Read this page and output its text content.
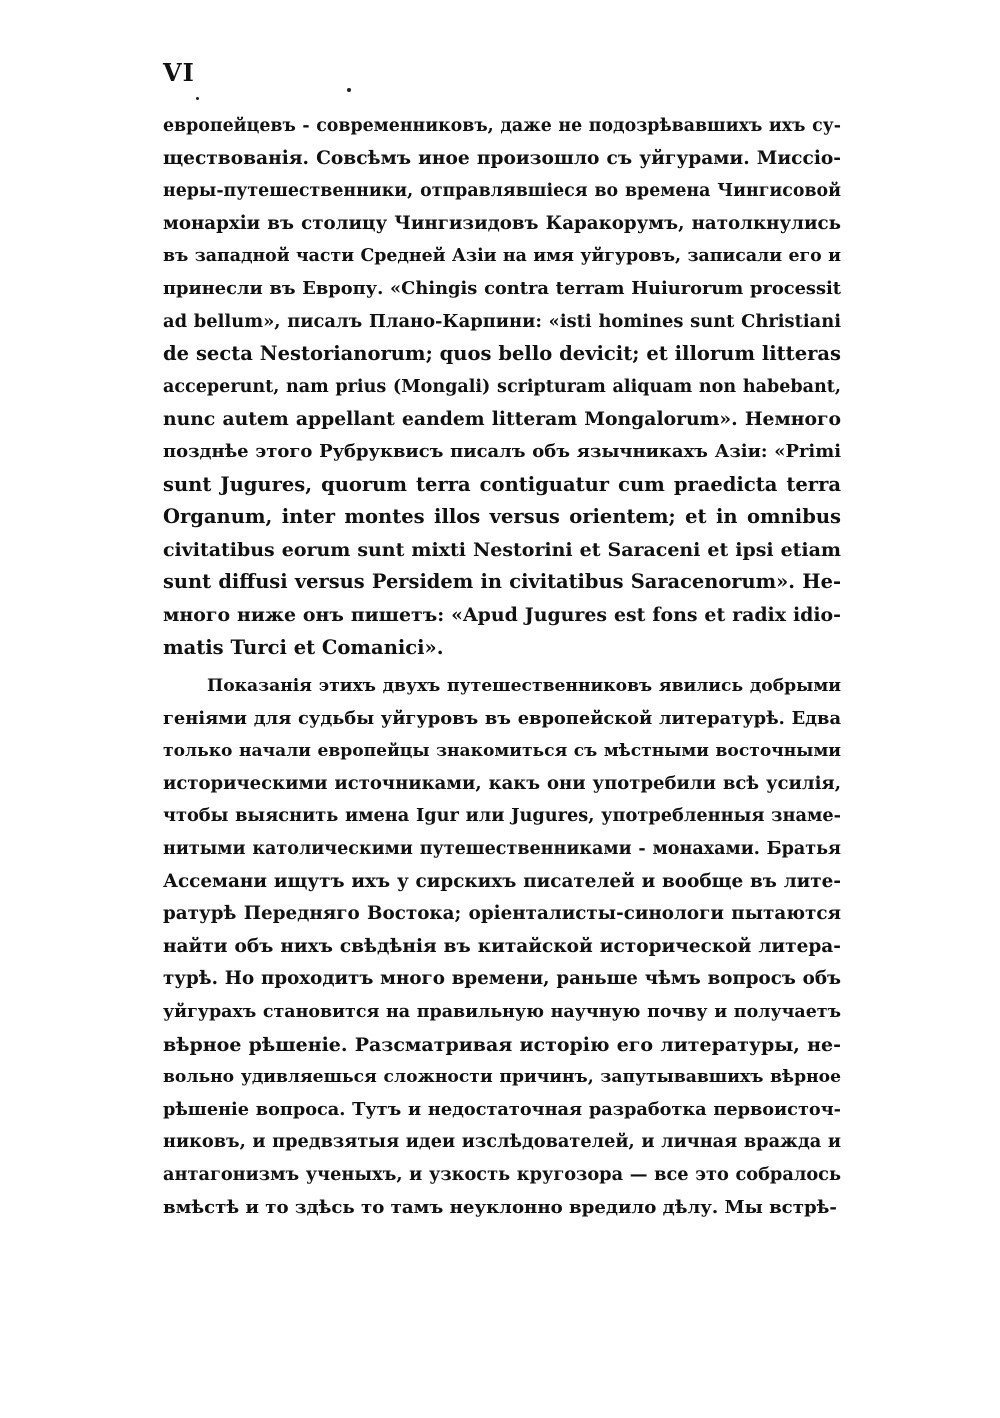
VI
европейцевъ - современниковъ, даже не подозрѣвавшихъ ихъ су-
ществованія. Совсѣмъ иное произошло съ уйгурами. Миссіо-
неры-путешественники, отправлявшіеся во времена Чингисовой
монархіи въ столицу Чингизидовъ Каракорумъ, натолкнулись
въ западной части Средней Азіи на имя уйгуровъ, записали его и
принесли въ Европу. «Chingis contra terram Huiurorum processit
ad bellum», писалъ Плано-Карпини: «isti homines sunt Christiani
de secta Nestorianorum; quos bello devicit; et illorum litteras
acceperunt, nam prius (Mongali) scripturam aliquam non habebant,
nunc autem appellant eandem litteram Mongalorum». Немного
позднѣе этого Рубруквисъ писалъ объ язычникахъ Азіи: «Primi
sunt Jugures, quorum terra contiguatur cum praedicta terra
Organum, inter montes illos versus orientem; et in omnibus
civitatibus eorum sunt mixti Nestorini et Saraceni et ipsi etiam
sunt diffusi versus Persidem in civitatibus Saracenorum». Не-
много ниже онъ пишетъ: «Apud Jugures est fons et radix idio-
matis Turci et Comanici».
Показанія этихъ двухъ путешественниковъ явились добрыми
геніями для судьбы уйгуровъ въ европейской литературѣ. Едва
только начали европейцы знакомиться съ мѣстными восточными
историческими источниками, какъ они употребили всѣ усилія,
чтобы выяснить имена Igur или Jugures, употребленныя знаме-
нитыми католическими путешественниками - монахами. Братья
Ассемани ищутъ ихъ у сирскихъ писателей и вообще въ лите-
ратурѣ Передняго Востока; оріенталисты-синологи пытаются
найти объ нихъ свѣдѣнія въ китайской исторической литера-
турѣ. Но проходитъ много времени, раньше чѣмъ вопросъ объ
уйгурахъ становится на правильную научную почву и получаетъ
вѣрное рѣшеніе. Разсматривая исторію его литературы, не-
вольно удивляешься сложности причинъ, запутывавшихъ вѣрное
рѣшеніе вопроса. Тутъ и недостаточная разработка первоисточ-
никовъ, и предвзятыя идеи изслѣдователей, и личная вражда и
антагонизмъ ученыхъ, и узкость кругозора — все это собралось
вмѣстѣ и то здѣсь то тамъ неуклонно вредило дѣлу. Мы встрѣ-
